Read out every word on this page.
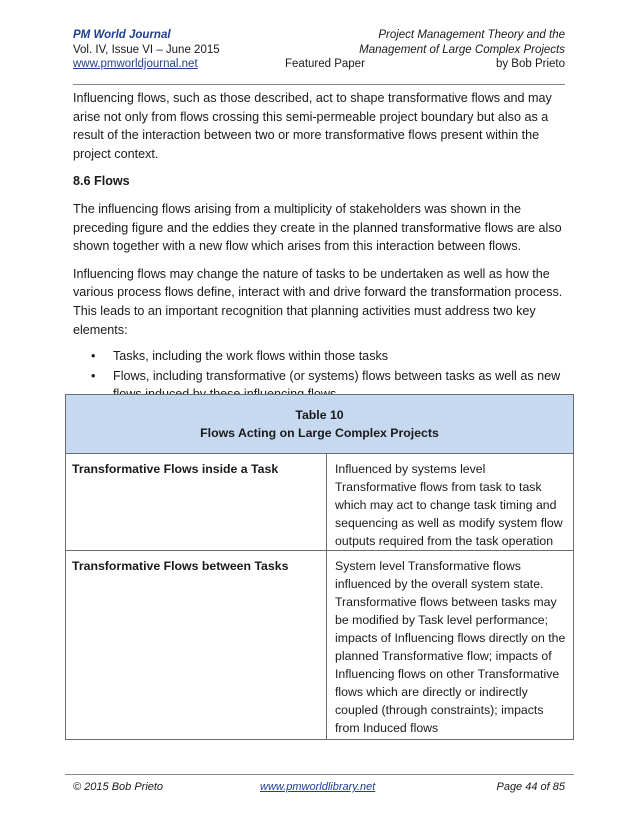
PM World Journal	Project Management Theory and the
Vol. IV, Issue VI – June 2015	Management of Large Complex Projects
www.pmworldjournal.net	Featured Paper	by Bob Prieto

Influencing flows, such as those described, act to shape transformative flows and may arise not only from flows crossing this semi-permeable project boundary but also as a result of the interaction between two or more transformative flows present within the project context.

8.6 Flows

The influencing flows arising from a multiplicity of stakeholders was shown in the preceding figure and the eddies they create in the planned transformative flows are also shown together with a new flow which arises from this interaction between flows.

Influencing flows may change the nature of tasks to be undertaken as well as how the various process flows define, interact with and drive forward the transformation process. This leads to an important recognition that planning activities must address two key elements:

• Tasks, including the work flows within those tasks
• Flows, including transformative (or systems) flows between tasks as well as new
Table 10
Flows Acting on Large Complex Projects	

Transformative Flows inside a Task	Influenced by systems level Transformative flows from task to task which may act to change task timing and sequencing as well as modify system flow outputs required from the task operation
Transformative Flows between Tasks	System level Transformative flows influenced by the overall system state. Transformative flows between tasks may be modified by Task level performance; impacts of Influencing flows directly on the planned Transformative flow; impacts of Influencing flows on other Transformative flows which are directly or indirectly coupled (through constraints); impacts from Induced flows
© 2015 Bob Prieto	www.pmworldlibrary.net	Page 44 of 85
